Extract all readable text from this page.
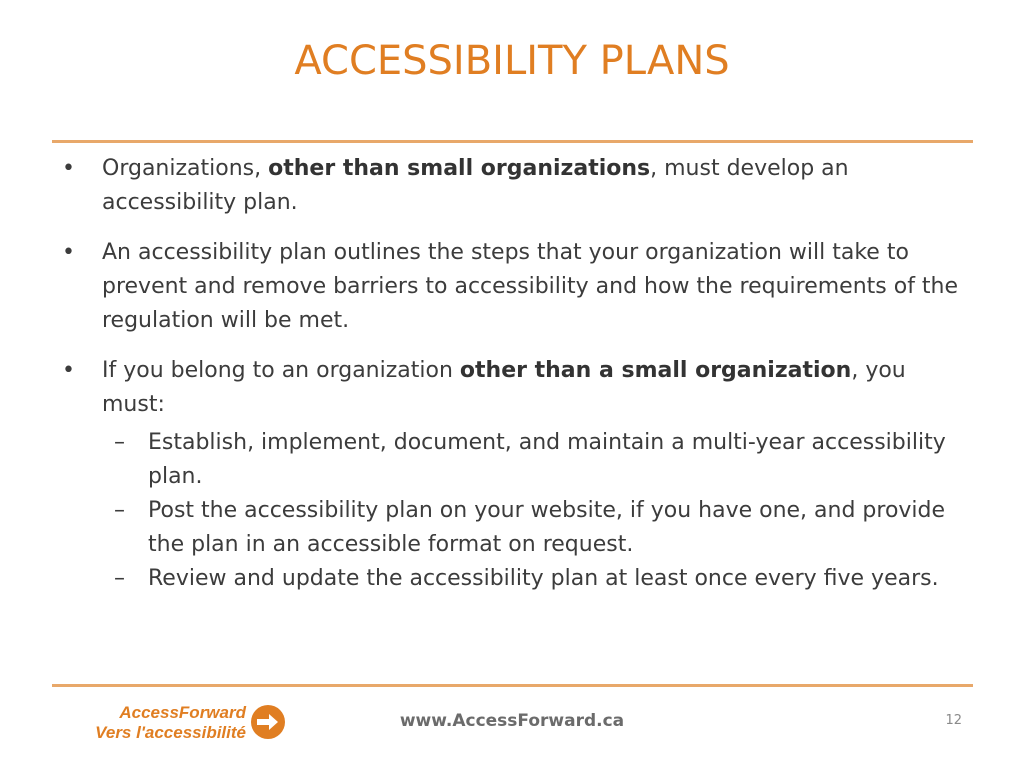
ACCESSIBILITY PLANS
• Organizations, other than small organizations, must develop an accessibility plan.
• An accessibility plan outlines the steps that your organization will take to prevent and remove barriers to accessibility and how the requirements of the regulation will be met.
• If you belong to an organization other than a small organization, you must:
– Establish, implement, document, and maintain a multi-year accessibility plan.
– Post the accessibility plan on your website, if you have one, and provide the plan in an accessible format on request.
– Review and update the accessibility plan at least once every five years.
AccessForward
Vers l'accessibilité
www.AccessForward.ca	12
